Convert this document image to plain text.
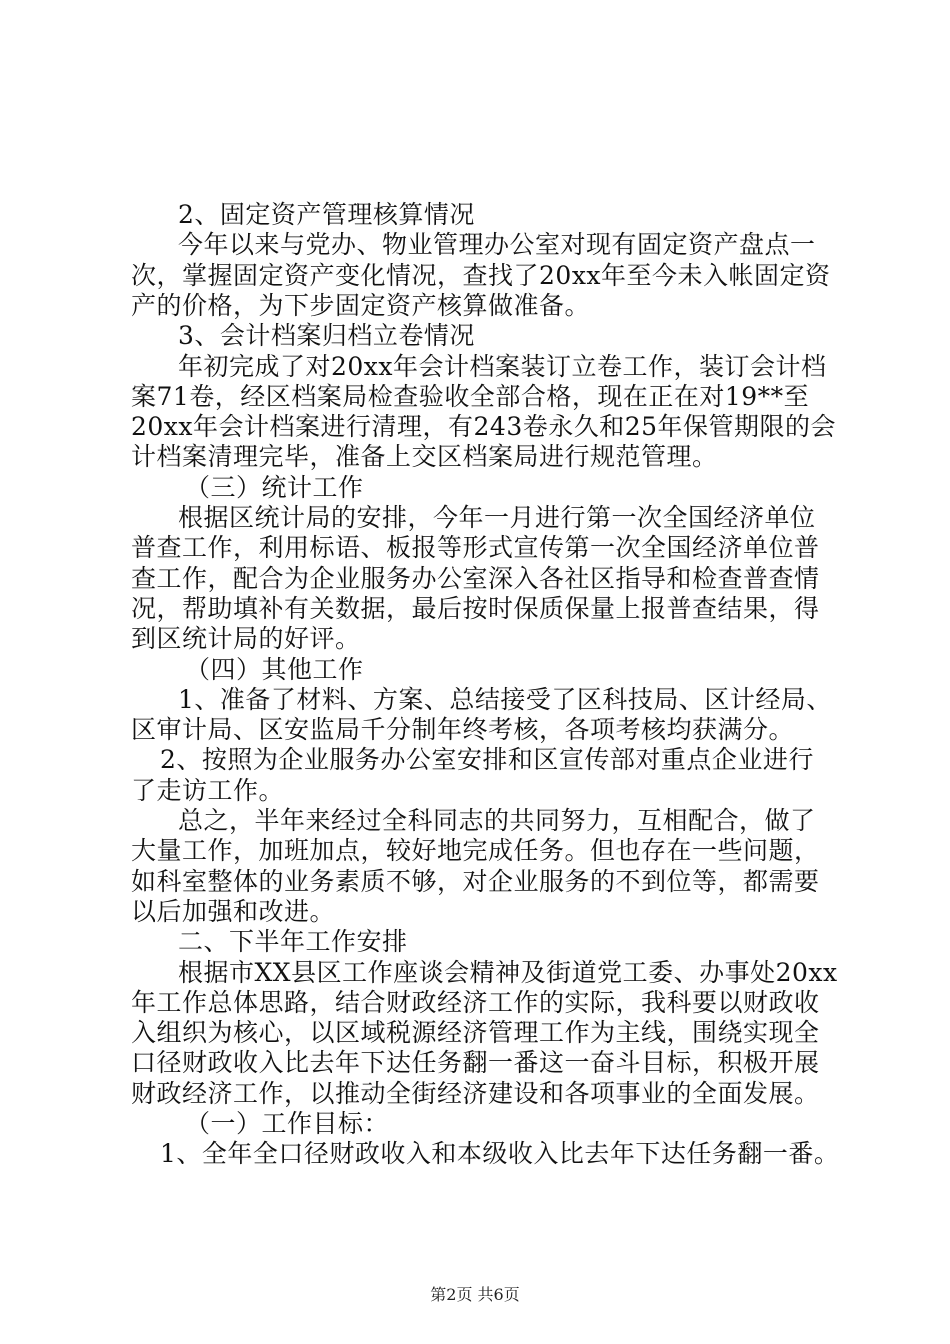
2、固定资产管理核算情况
今年以来与党办、物业管理办公室对现有固定资产盘点一
次，掌握固定资产变化情况，查找了20xx年至今未入帐固定资
产的价格，为下步固定资产核算做准备。
3、会计档案归档立卷情况
年初完成了对20xx年会计档案装订立卷工作，装订会计档
案71卷，经区档案局检查验收全部合格，现在正在对19**至
20xx年会计档案进行清理，有243卷永久和25年保管期限的会
计档案清理完毕，准备上交区档案局进行规范管理。
（三）统计工作
根据区统计局的安排，今年一月进行第一次全国经济单位
普查工作，利用标语、板报等形式宣传第一次全国经济单位普
查工作，配合为企业服务办公室深入各社区指导和检查普查情
况，帮助填补有关数据，最后按时保质保量上报普查结果，得
到区统计局的好评。
（四）其他工作
1、准备了材料、方案、总结接受了区科技局、区计经局、
区审计局、区安监局千分制年终考核，各项考核均获满分。
2、按照为企业服务办公室安排和区宣传部对重点企业进行
了走访工作。
总之，半年来经过全科同志的共同努力，互相配合，做了
大量工作，加班加点，较好地完成任务。但也存在一些问题，
如科室整体的业务素质不够，对企业服务的不到位等，都需要
以后加强和改进。
二、下半年工作安排
根据市XX县区工作座谈会精神及街道党工委、办事处20xx
年工作总体思路，结合财政经济工作的实际，我科要以财政收
入组织为核心，以区域税源经济管理工作为主线，围绕实现全
口径财政收入比去年下达任务翻一番这一奋斗目标，积极开展
财政经济工作，以推动全街经济建设和各项事业的全面发展。
（一）工作目标：
1、全年全口径财政收入和本级收入比去年下达任务翻一番。
第2页 共6页
